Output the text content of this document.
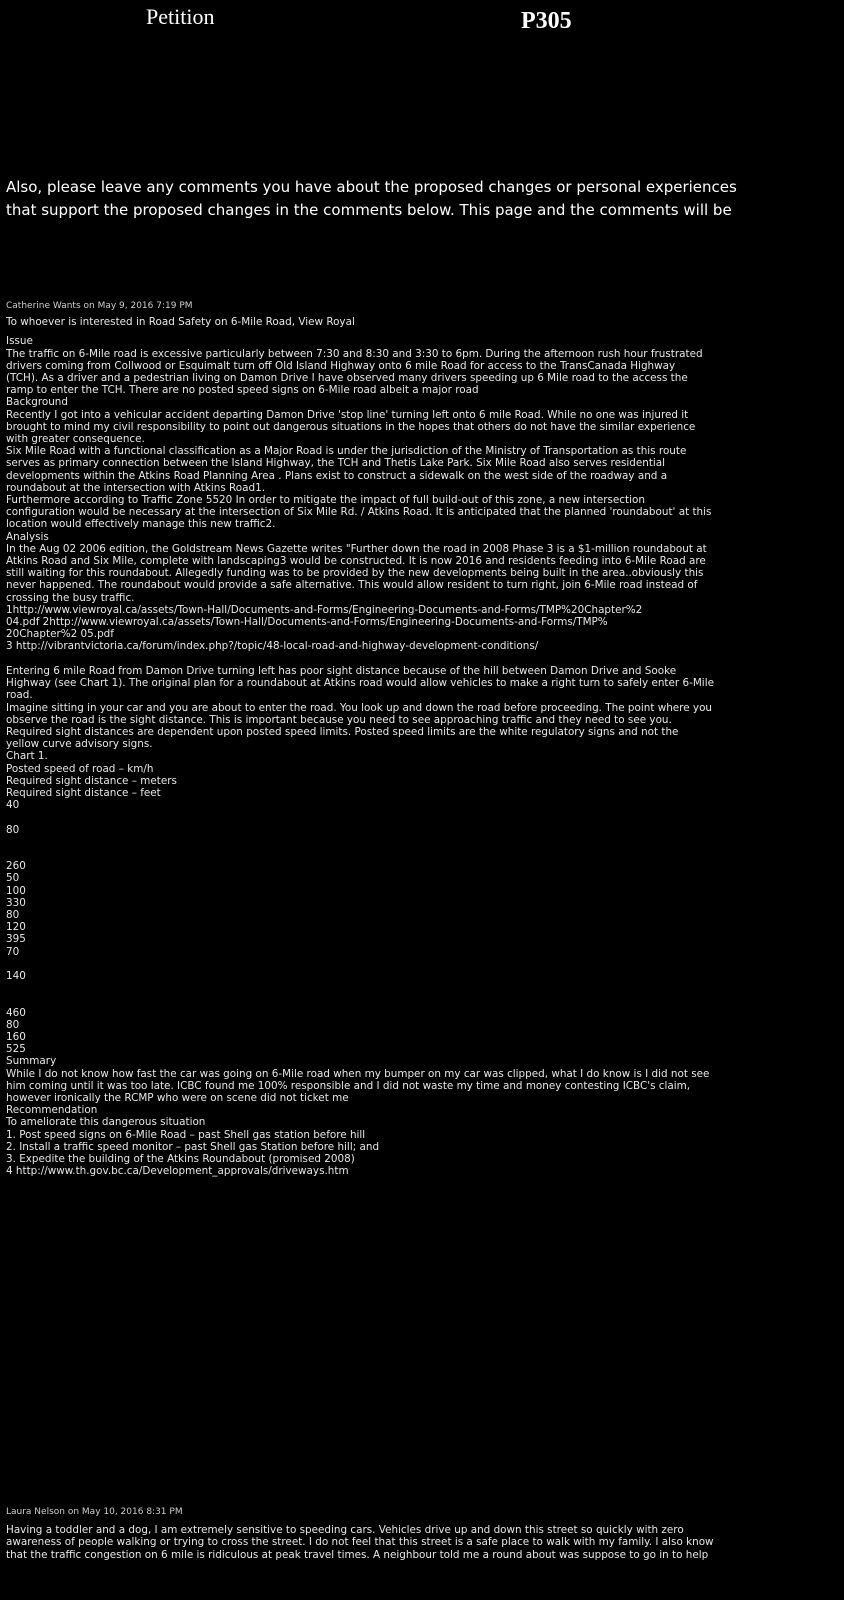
Petition	P305

Also, please leave any comments you have about the proposed changes or personal experiences

that support the proposed changes in the comments below. This page and the comments will be

Catherine Wants on May 9, 2016 7:19 PM

To whoever is interested in Road Safety on 6-Mile Road, View Royal

Issue

The traffic on 6-Mile road is excessive particularly between 7:30 and 8:30 and 3:30 to 6pm. During the afternoon rush hour frustrated

drivers coming from Collwood or Esquimalt turn off Old Island Highway onto 6 mile Road for access to the TransCanada Highway

(TCH). As a driver and a pedestrian living on Damon Drive I have observed many drivers speeding up 6 Mile road to the access the

ramp to enter the TCH. There are no posted speed signs on 6-Mile road albeit a major road

Background

Recently I got into a vehicular accident departing Damon Drive 'stop line' turning left onto 6 mile Road. While no one was injured it

brought to mind my civil responsibility to point out dangerous situations in the hopes that others do not have the similar experience

with greater consequence.

Six Mile Road with a functional classification as a Major Road is under the jurisdiction of the Ministry of Transportation as this route

serves as primary connection between the Island Highway, the TCH and Thetis Lake Park. Six Mile Road also serves residential

developments within the Atkins Road Planning Area . Plans exist to construct a sidewalk on the west side of the roadway and a

roundabout at the intersection with Atkins Road1.

Furthermore according to Traffic Zone 5520 In order to mitigate the impact of full build-out of this zone, a new intersection

configuration would be necessary at the intersection of Six Mile Rd. / Atkins Road. It is anticipated that the planned 'roundabout' at this

location would effectively manage this new traffic2.

Analysis

In the Aug 02 2006 edition, the Goldstream News Gazette writes "Further down the road in 2008 Phase 3 is a $1-million roundabout at

Atkins Road and Six Mile, complete with landscaping3 would be constructed. It is now 2016 and residents feeding into 6-Mile Road are

still waiting for this roundabout. Allegedly funding was to be provided by the new developments being built in the area..obviously this

never happened. The roundabout would provide a safe alternative. This would allow resident to turn right, join 6-Mile road instead of

crossing the busy traffic.

1http://www.viewroyal.ca/assets/Town-Hall/Documents-and-Forms/Engineering-Documents-and-Forms/TMP%20Chapter%2

04.pdf 2http://www.viewroyal.ca/assets/Town-Hall/Documents-and-Forms/Engineering-Documents-and-Forms/TMP%

20Chapter%2 05.pdf

3 http://vibrantvictoria.ca/forum/index.php?/topic/48-local-road-and-highway-development-conditions/

Entering 6 mile Road from Damon Drive turning left has poor sight distance because of the hill between Damon Drive and Sooke

Highway (see Chart 1). The original plan for a roundabout at Atkins road would allow vehicles to make a right turn to safely enter 6-Mile

road.

Imagine sitting in your car and you are about to enter the road. You look up and down the road before proceeding. The point where you

observe the road is the sight distance. This is important because you need to see approaching traffic and they need to see you.

Required sight distances are dependent upon posted speed limits. Posted speed limits are the white regulatory signs and not the

yellow curve advisory signs.

￼Chart 1.

Posted speed of road – km/h

Required sight distance – meters

Required sight distance – feet

40

￼80

￼260

￼50

100

330

80

120

395

70

￼140

￼460

￼80

160

525

Summary

While I do not know how fast the car was going on 6-Mile road when my bumper on my car was clipped, what I do know is I did not see

him coming until it was too late. ICBC found me 100% responsible and I did not waste my time and money contesting ICBC's claim,

however ironically the RCMP who were on scene did not ticket me

Recommendation

To ameliorate this dangerous situation

1. Post speed signs on 6-Mile Road – past Shell gas station before hill

2. Install a traffic speed monitor – past Shell gas Station before hill; and

3. Expedite the building of the Atkins Roundabout (promised 2008)

4 http://www.th.gov.bc.ca/Development_approvals/driveways.htm

Laura Nelson on May 10, 2016 8:31 PM

Having a toddler and a dog, I am extremely sensitive to speeding cars. Vehicles drive up and down this street so quickly with zero

awareness of people walking or trying to cross the street. I do not feel that this street is a safe place to walk with my family. I also know

that the traffic congestion on 6 mile is ridiculous at peak travel times. A neighbour told me a round about was suppose to go in to help
